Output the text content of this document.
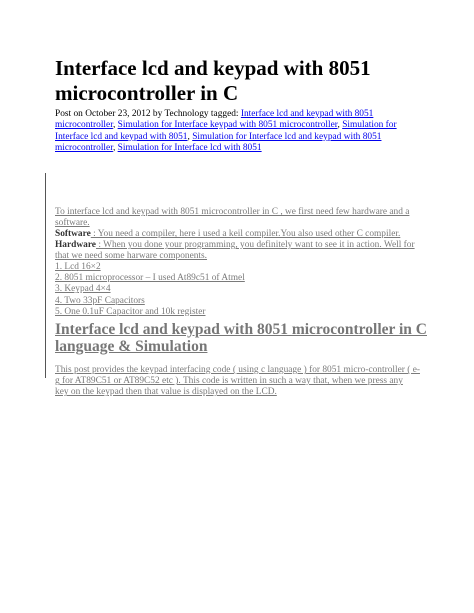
Interface lcd and keypad with 8051 microcontroller in C

Post on October 23, 2012 by Technology tagged: Interface lcd and keypad with 8051 microcontroller, Simulation for Interface keypad with 8051 microcontroller, Simulation for Interface lcd and keypad with 8051, Simulation for Interface lcd and keypad with 8051 microcontroller, Simulation for Interface lcd with 8051

To interface lcd and keypad with 8051 microcontroller in C , we first need few hardware and a
software.

Software : You need a compiler, here i used a keil compiler.You also used other C compiler.

Hardware : When you done your programming, you definitely want to see it in action. Well for
that we need some harware components.

1. Lcd 16×2
2. 8051 microprocessor – I used At89c51 of Atmel
3. Keypad 4×4
4. Two 33pF Capacitors
5. One 0.1uF Capacitor and 10k register

Interface lcd and keypad with 8051 microcontroller in C language & Simulation

This post provides the keypad interfacing code ( using c language ) for 8051 micro-controller ( e-
g for AT89C51 or AT89C52 etc ). This code is written in such a way that, when we press any
key on the keypad then that value is displayed on the LCD.
